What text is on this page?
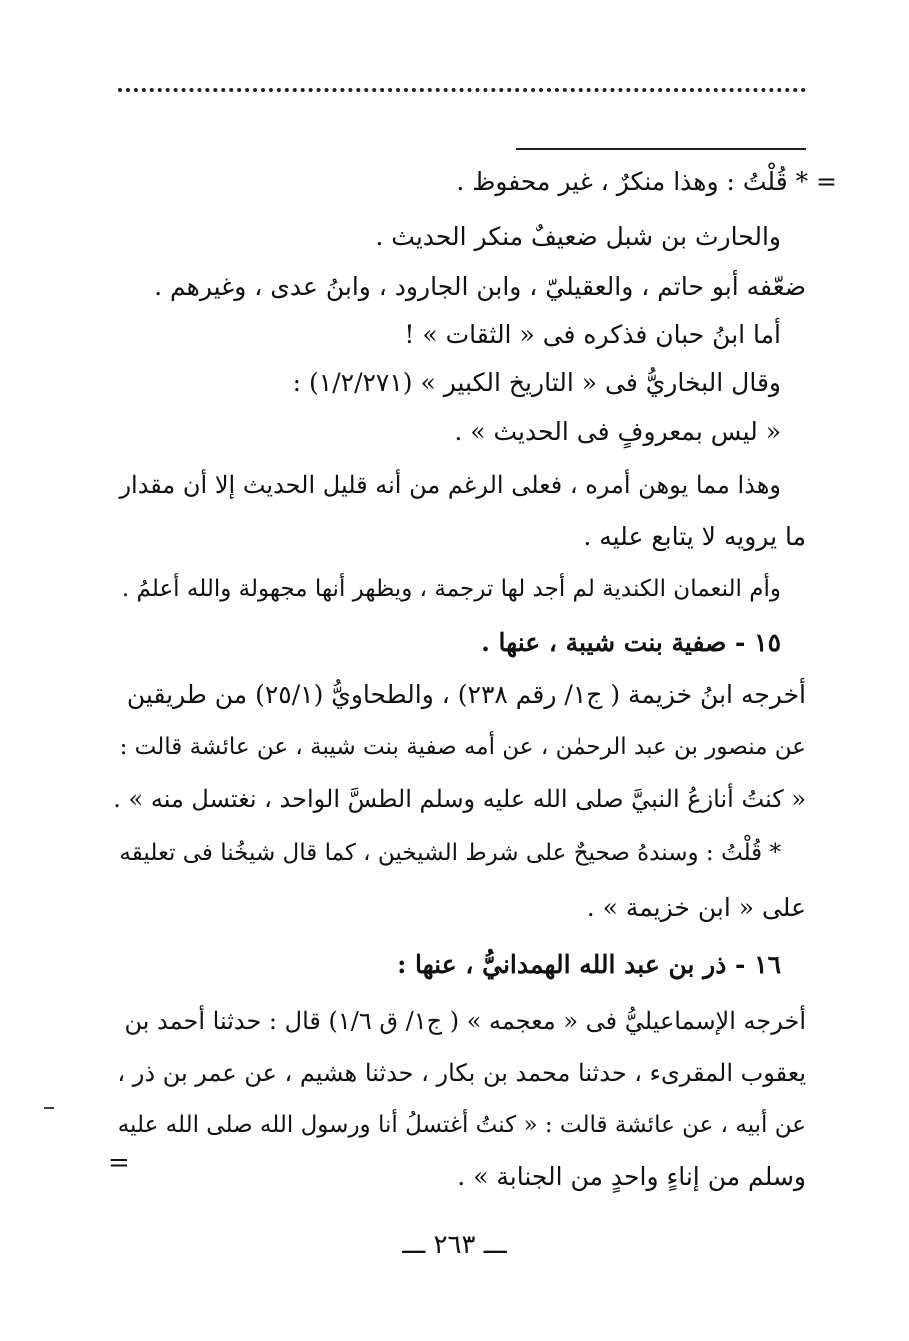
= * قُلْتُ : وهذا منكرٌ ، غير محفوظ .
والحارث بن شبل ضعيفٌ منكر الحديث .
ضعّفه أبو حاتم ، والعقيليّ ، وابن الجارود ، وابنُ عدى ، وغيرهم .
أما ابنُ حبان فذكره فى « الثقات » !
وقال البخاريُّ فى « التاريخ الكبير » (١/٢/٢٧١) :
« ليس بمعروفٍ فى الحديث » .
وهذا مما يوهن أمره ، فعلى الرغم من أنه قليل الحديث إلا أن مقدار
ما يرويه لا يتابع عليه .
وأم النعمان الكندية لم أجد لها ترجمة ، ويظهر أنها مجهولة والله أعلمُ .
١٥ - صفية بنت شيبة ، عنها .
أخرجه ابنُ خزيمة ( ج١/ رقم ٢٣٨) ، والطحاويُّ (٢٥/١) من طريقين
عن منصور بن عبد الرحمٰن ، عن أمه صفية بنت شيبة ، عن عائشة قالت :
« كنتُ أنازعُ النبيَّ صلى الله عليه وسلم الطسَّ الواحد ، نغتسل منه » .
* قُلْتُ : وسندهُ صحيحٌ على شرط الشيخين ، كما قال شيخُنا فى تعليقه
على « ابن خزيمة » .
١٦ - ذر بن عبد الله الهمدانيُّ ، عنها :
أخرجه الإسماعيليُّ فى « معجمه » ( ج١/ ق ١/٦) قال : حدثنا أحمد بن
يعقوب المقرىء ، حدثنا محمد بن بكار ، حدثنا هشيم ، عن عمر بن ذر ،
عن أبيه ، عن عائشة قالت : « كنتُ أغتسلُ أنا ورسول الله صلى الله عليه
وسلم من إناءٍ واحدٍ من الجنابة » .
=
ـــ ٢٦٣ ـــ
